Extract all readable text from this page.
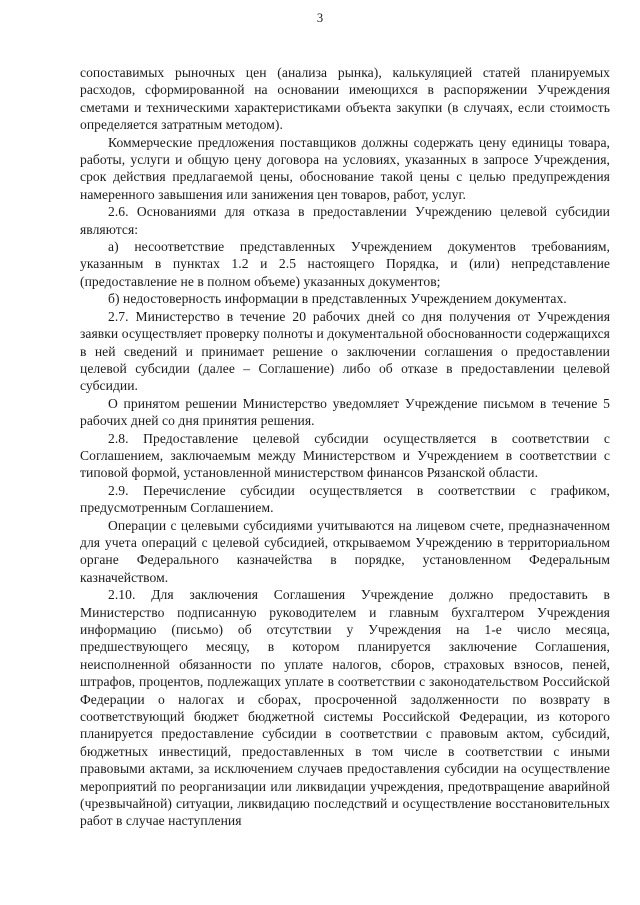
3

сопоставимых рыночных цен (анализа рынка), калькуляцией статей планируемых расходов, сформированной на основании имеющихся в распоряжении Учреждения сметами и техническими характеристиками объекта закупки (в случаях, если стоимость определяется затратным методом).

Коммерческие предложения поставщиков должны содержать цену единицы товара, работы, услуги и общую цену договора на условиях, указанных в запросе Учреждения, срок действия предлагаемой цены, обоснование такой цены с целью предупреждения намеренного завышения или занижения цен товаров, работ, услуг.

2.6. Основаниями для отказа в предоставлении Учреждению целевой субсидии являются:

а) несоответствие представленных Учреждением документов требованиям, указанным в пунктах 1.2 и 2.5 настоящего Порядка, и (или) непредставление (предоставление не в полном объеме) указанных документов;

б) недостоверность информации в представленных Учреждением документах.

2.7. Министерство в течение 20 рабочих дней со дня получения от Учреждения заявки осуществляет проверку полноты и документальной обоснованности содержащихся в ней сведений и принимает решение о заключении соглашения о предоставлении целевой субсидии (далее – Соглашение) либо об отказе в предоставлении целевой субсидии.

О принятом решении Министерство уведомляет Учреждение письмом в течение 5 рабочих дней со дня принятия решения.

2.8. Предоставление целевой субсидии осуществляется в соответствии с Соглашением, заключаемым между Министерством и Учреждением в соответствии с типовой формой, установленной министерством финансов Рязанской области.

2.9. Перечисление субсидии осуществляется в соответствии с графиком, предусмотренным Соглашением.

Операции с целевыми субсидиями учитываются на лицевом счете, предназначенном для учета операций с целевой субсидией, открываемом Учреждению в территориальном органе Федерального казначейства в порядке, установленном Федеральным казначейством.

2.10. Для заключения Соглашения Учреждение должно предоставить в Министерство подписанную руководителем и главным бухгалтером Учреждения информацию (письмо) об отсутствии у Учреждения на 1-е число месяца, предшествующего месяцу, в котором планируется заключение Соглашения, неисполненной обязанности по уплате налогов, сборов, страховых взносов, пеней, штрафов, процентов, подлежащих уплате в соответствии с законодательством Российской Федерации о налогах и сборах, просроченной задолженности по возврату в соответствующий бюджет бюджетной системы Российской Федерации, из которого планируется предоставление субсидии в соответствии с правовым актом, субсидий, бюджетных инвестиций, предоставленных в том числе в соответствии с иными правовыми актами, за исключением случаев предоставления субсидии на осуществление мероприятий по реорганизации или ликвидации учреждения, предотвращение аварийной (чрезвычайной) ситуации, ликвидацию последствий и осуществление восстановительных работ в случае наступления
